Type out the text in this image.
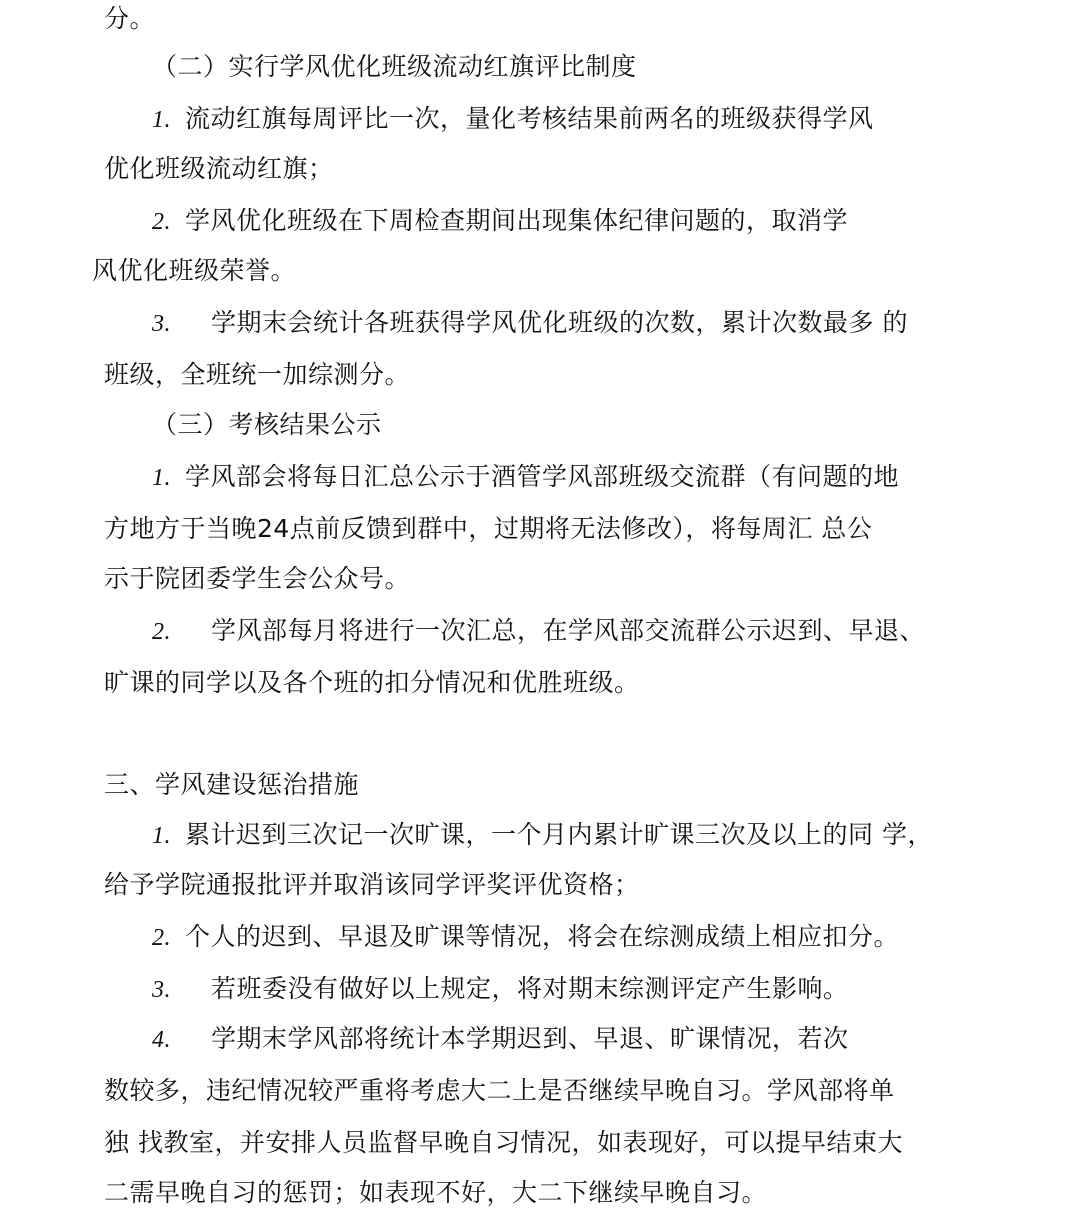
分。
（二）实行学风优化班级流动红旗评比制度
1. 流动红旗每周评比一次，量化考核结果前两名的班级获得学风
优化班级流动红旗；
2. 学风优化班级在下周检查期间出现集体纪律问题的，取消学
风优化班级荣誉。
3. 学期末会统计各班获得学风优化班级的次数，累计次数最多 的
班级，全班统一加综测分。
（三）考核结果公示
1. 学风部会将每日汇总公示于酒管学风部班级交流群（有问题的地
方地方于当晚24点前反馈到群中，过期将无法修改），将每周汇 总公
示于院团委学生会公众号。
2. 学风部每月将进行一次汇总，在学风部交流群公示迟到、早退、
旷课的同学以及各个班的扣分情况和优胜班级。
三、学风建设惩治措施
1. 累计迟到三次记一次旷课，一个月内累计旷课三次及以上的同 学，
给予学院通报批评并取消该同学评奖评优资格；
2. 个人的迟到、早退及旷课等情况，将会在综测成绩上相应扣分。
3. 若班委没有做好以上规定，将对期末综测评定产生影响。
4. 学期末学风部将统计本学期迟到、早退、旷课情况，若次
数较多，违纪情况较严重将考虑大二上是否继续早晚自习。学风部将单
独 找教室，并安排人员监督早晚自习情况，如表现好，可以提早结束大
二需早晚自习的惩罚；如表现不好，大二下继续早晚自习。
